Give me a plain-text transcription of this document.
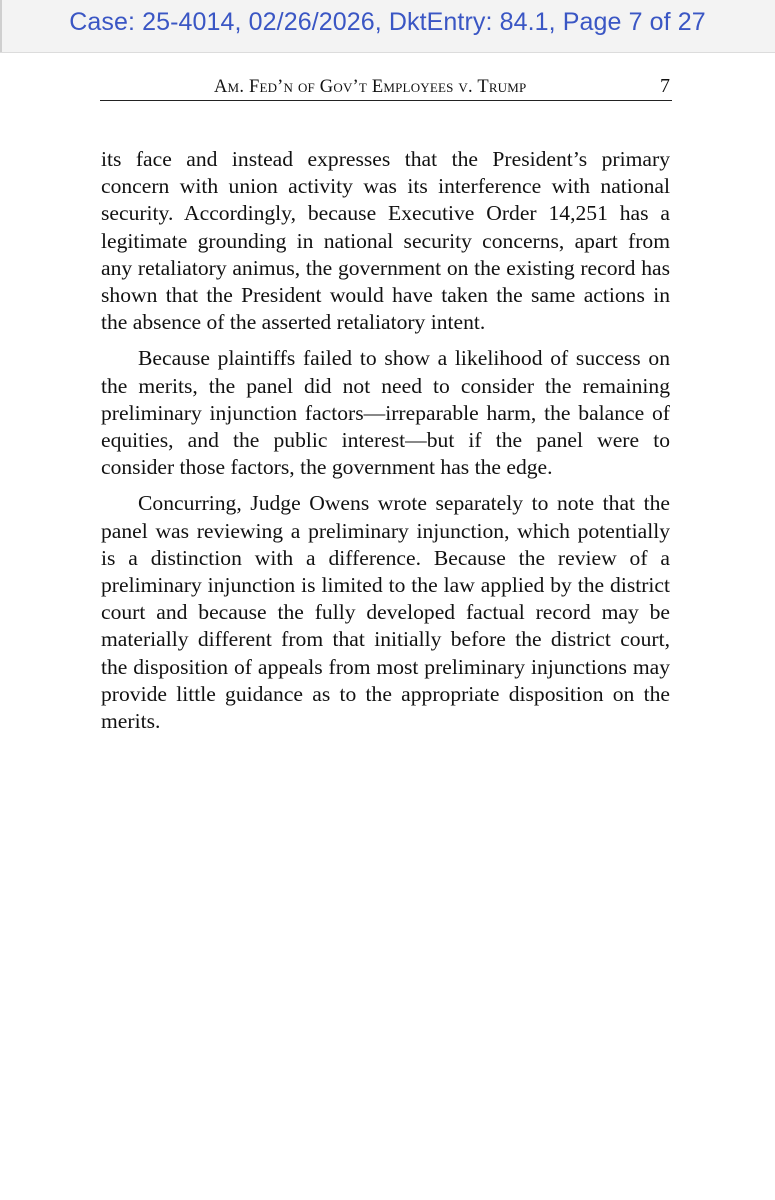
Case: 25-4014, 02/26/2026, DktEntry: 84.1, Page 7 of 27
Am. Fed’n of Gov’t Employees v. Trump	7

its face and instead expresses that the President’s primary concern with union activity was its interference with national security. Accordingly, because Executive Order 14,251 has a legitimate grounding in national security concerns, apart from any retaliatory animus, the government on the existing record has shown that the President would have taken the same actions in the absence of the asserted retaliatory intent.

Because plaintiffs failed to show a likelihood of success on the merits, the panel did not need to consider the remaining preliminary injunction factors—irreparable harm, the balance of equities, and the public interest—but if the panel were to consider those factors, the government has the edge.

Concurring, Judge Owens wrote separately to note that the panel was reviewing a preliminary injunction, which potentially is a distinction with a difference. Because the review of a preliminary injunction is limited to the law applied by the district court and because the fully developed factual record may be materially different from that initially before the district court, the disposition of appeals from most preliminary injunctions may provide little guidance as to the appropriate disposition on the merits.
